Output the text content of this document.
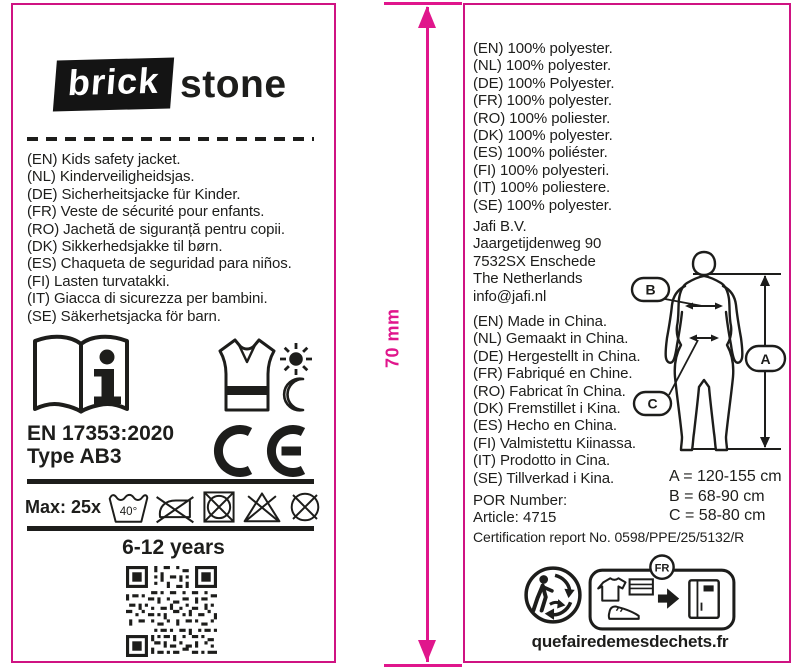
brick stone
(EN) Kids safety jacket.
(NL) Kinderveiligheidsjas.
(DE) Sicherheitsjacke für Kinder.
(FR) Veste de sécurité pour enfants.
(RO) Jachetă de siguranță pentru copii.
(DK) Sikkerhedsjakke til børn.
(ES) Chaqueta de seguridad para niños.
(FI) Lasten turvatakki.
(IT) Giacca di sicurezza per bambini.
(SE) Säkerhetsjacka för barn.
EN 17353:2020
Type AB3
Max: 25x 40°
6-12 years
70 mm
(EN) 100% polyester.
(NL) 100% polyester.
(DE) 100% Polyester.
(FR) 100% polyester.
(RO) 100% poliester.
(DK) 100% polyester.
(ES) 100% poliéster.
(FI) 100% polyesteri.
(IT) 100% poliestere.
(SE) 100% polyester.
Jafi B.V.
Jaargetijdenweg 90
7532SX Enschede
The Netherlands
info@jafi.nl
(EN) Made in China.
(NL) Gemaakt in China.
(DE) Hergestellt in China.
(FR) Fabriqué en Chine.
(RO) Fabricat în China.
(DK) Fremstillet i Kina.
(ES) Hecho en China.
(FI) Valmistettu Kiinassa.
(IT) Prodotto in Cina.
(SE) Tillverkad i Kina.
POR Number:
Article: 4715
B
C
A
A = 120-155 cm
B = 68-90 cm
C = 58-80 cm
Certification report No. 0598/PPE/25/5132/R
FR
quefairedemesdechets.fr
